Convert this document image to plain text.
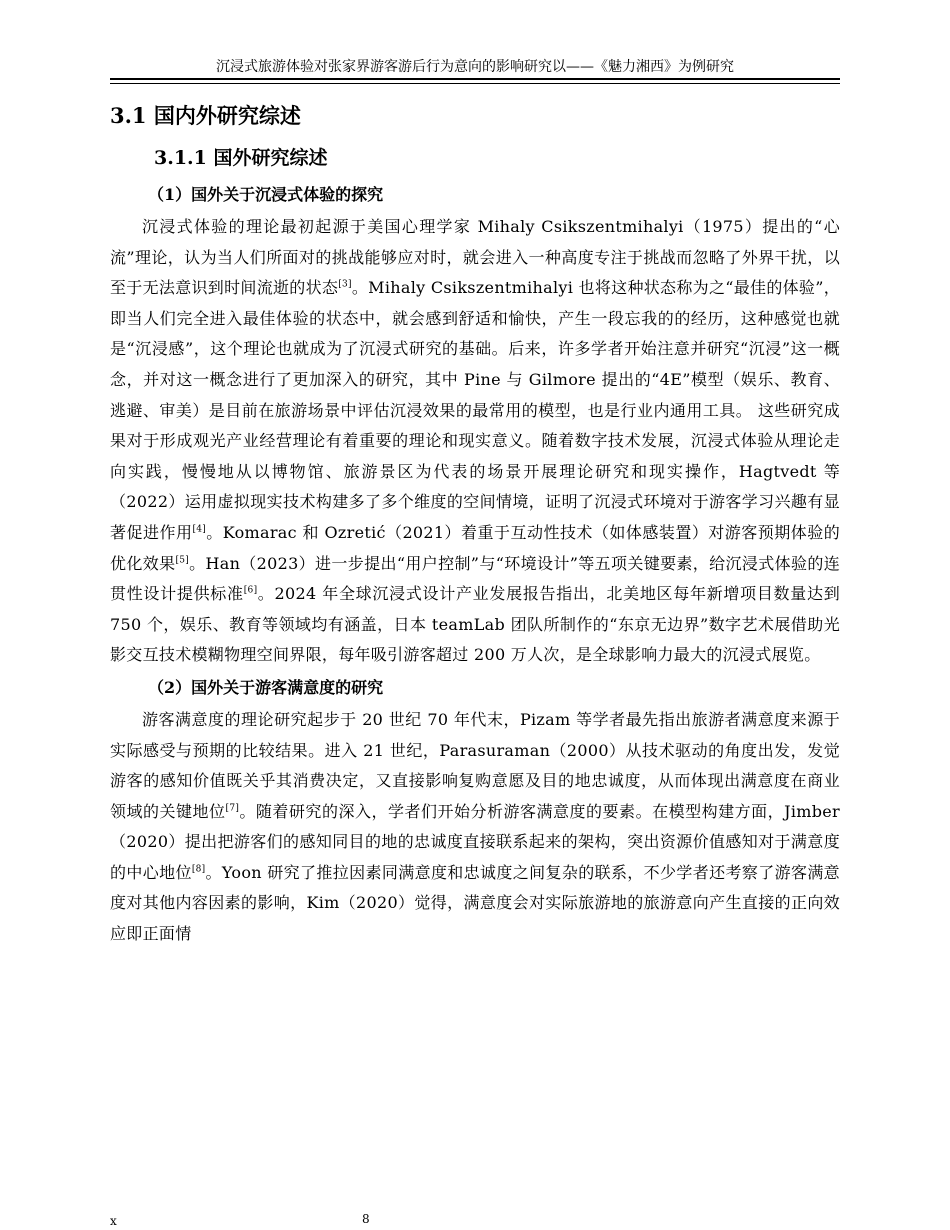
沉浸式旅游体验对张家界游客游后行为意向的影响研究以——《魅力湘西》为例研究
3.1 国内外研究综述
3.1.1 国外研究综述
（1）国外关于沉浸式体验的探究

沉浸式体验的理论最初起源于美国心理学家 Mihaly Csikszentmihalyi（1975）提出的“心流”理论，认为当人们所面对的挑战能够应对时，就会进入一种高度专注于挑战而忽略了外界干扰，以至于无法意识到时间流逝的状态[3]。Mihaly Csikszentmihalyi 也将这种状态称为之“最佳的体验”，即当人们完全进入最佳体验的状态中，就会感到舒适和愉快，产生一段忘我的的经历，这种感觉也就是“沉浸感”，这个理论也就成为了沉浸式研究的基础。后来，许多学者开始注意并研究“沉浸”这一概念，并对这一概念进行了更加深入的研究，其中 Pine 与 Gilmore 提出的“4E”模型（娱乐、教育、逃避、审美）是目前在旅游场景中评估沉浸效果的最常用的模型，也是行业内通用工具。 这些研究成果对于形成观光产业经营理论有着重要的理论和现实意义。随着数字技术发展，沉浸式体验从理论走向实践，慢慢地从以博物馆、旅游景区为代表的场景开展理论研究和现实操作，Hagtvedt 等（2022）运用虚拟现实技术构建多了多个维度的空间情境，证明了沉浸式环境对于游客学习兴趣有显著促进作用[4]。Komarac 和 Ozretić（2021）着重于互动性技术（如体感装置）对游客预期体验的优化效果[5]。Han（2023）进一步提出“用户控制”与“环境设计”等五项关键要素，给沉浸式体验的连贯性设计提供标准[6]。2024 年全球沉浸式设计产业发展报告指出，北美地区每年新增项目数量达到 750 个，娱乐、教育等领域均有涵盖，日本 teamLab 团队所制作的“东京无边界”数字艺术展借助光影交互技术模糊物理空间界限，每年吸引游客超过 200 万人次，是全球影响力最大的沉浸式展览。

（2）国外关于游客满意度的研究

游客满意度的理论研究起步于 20 世纪 70 年代末，Pizam 等学者最先指出旅游者满意度来源于实际感受与预期的比较结果。进入 21 世纪，Parasuraman（2000）从技术驱动的角度出发，发觉游客的感知价值既关乎其消费决定，又直接影响复购意愿及目的地忠诚度，从而体现出满意度在商业领域的关键地位[7]。随着研究的深入，学者们开始分析游客满意度的要素。在模型构建方面，Jimber（2020）提出把游客们的感知同目的地的忠诚度直接联系起来的架构，突出资源价值感知对于满意度的中心地位[8]。Yoon 研究了推拉因素同满意度和忠诚度之间复杂的联系，不少学者还考察了游客满意度对其他内容因素的影响，Kim（2020）觉得，满意度会对实际旅游地的旅游意向产生直接的正向效应即正面情

x	8
